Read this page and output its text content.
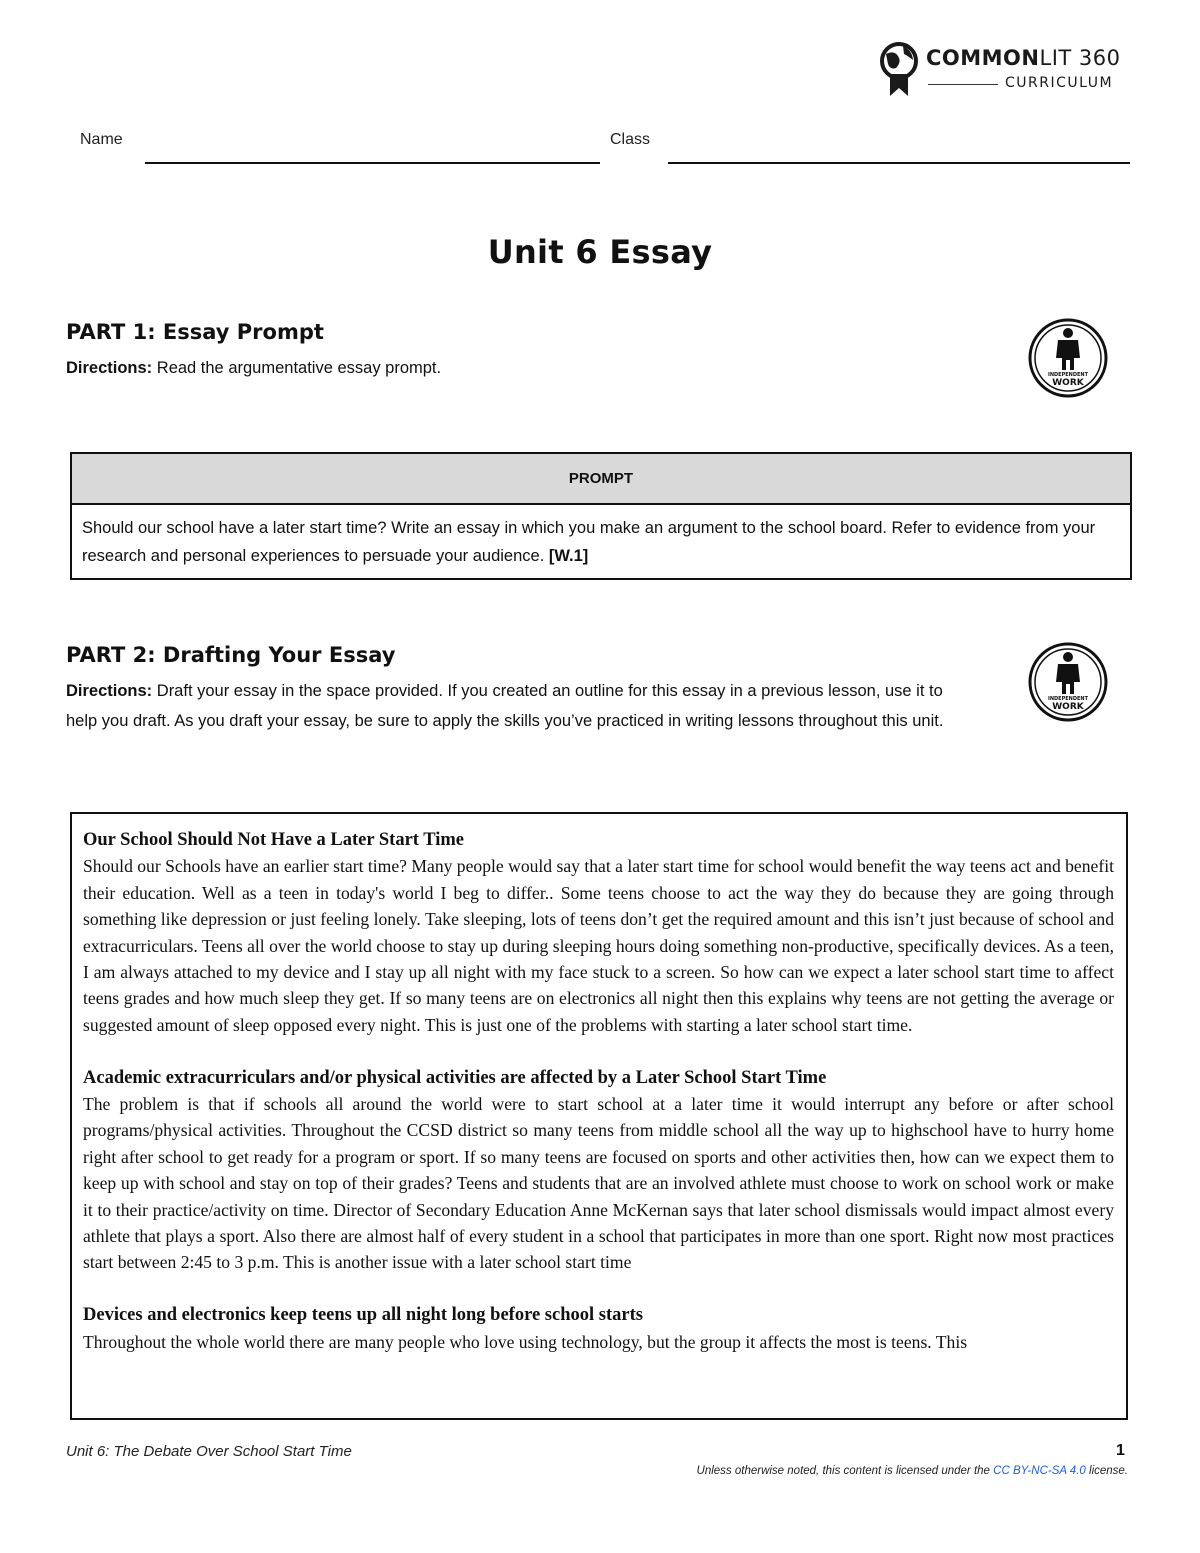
COMMONLIT 360
CURRICULUM
Name	Class
Unit 6 Essay
PART 1: Essay Prompt
Directions: Read the argumentative essay prompt.	INDEPENDENT
WORK
PROMPT
Should our school have a later start time? Write an essay in which you make an argument to the school board. Refer to evidence from your research and personal experiences to persuade your audience. [W.1]
PART 2: Drafting Your Essay
Directions: Draft your essay in the space provided. If you created an outline for this essay in a previous lesson, use it to help you draft. As you draft your essay, be sure to apply the skills you’ve practiced in writing lessons throughout this unit.
INDEPENDENT
WORK
Our School Should Not Have a Later Start Time

Should our Schools have an earlier start time? Many people would say that a later start time for school would benefit the way teens act and benefit their education. Well as a teen in today's world I beg to differ.. Some teens choose to act the way they do because they are going through something like depression or just feeling lonely. Take sleeping, lots of teens don’t get the required amount and this isn’t just because of school and extracurriculars. Teens all over the world choose to stay up during sleeping hours doing something non-productive, specifically devices. As a teen, I am always attached to my device and I stay up all night with my face stuck to a screen. So how can we expect a later school start time to affect teens grades and how much sleep they get. If so many teens are on electronics all night then this explains why teens are not getting the average or suggested amount of sleep opposed every night. This is just one of the problems with starting a later school start time.

Academic extracurriculars and/or physical activities are affected by a Later School Start Time

The problem is that if schools all around the world were to start school at a later time it would interrupt any before or after school programs/physical activities. Throughout the CCSD district so many teens from middle school all the way up to highschool have to hurry home right after school to get ready for a program or sport. If so many teens are focused on sports and other activities then, how can we expect them to keep up with school and stay on top of their grades? Teens and students that are an involved athlete must choose to work on school work or make it to their practice/activity on time. Director of Secondary Education Anne McKernan says that later school dismissals would impact almost every athlete that plays a sport. Also there are almost half of every student in a school that participates in more than one sport. Right now most practices start between 2:45 to 3 p.m. This is another issue with a later school start time

Devices and electronics keep teens up all night long before school starts

Throughout the whole world there are many people who love using technology, but the group it affects the most is teens. This

Unit 6: The Debate Over School Start Time	1
Unless otherwise noted, this content is licensed under the CC BY-NC-SA 4.0 license.
